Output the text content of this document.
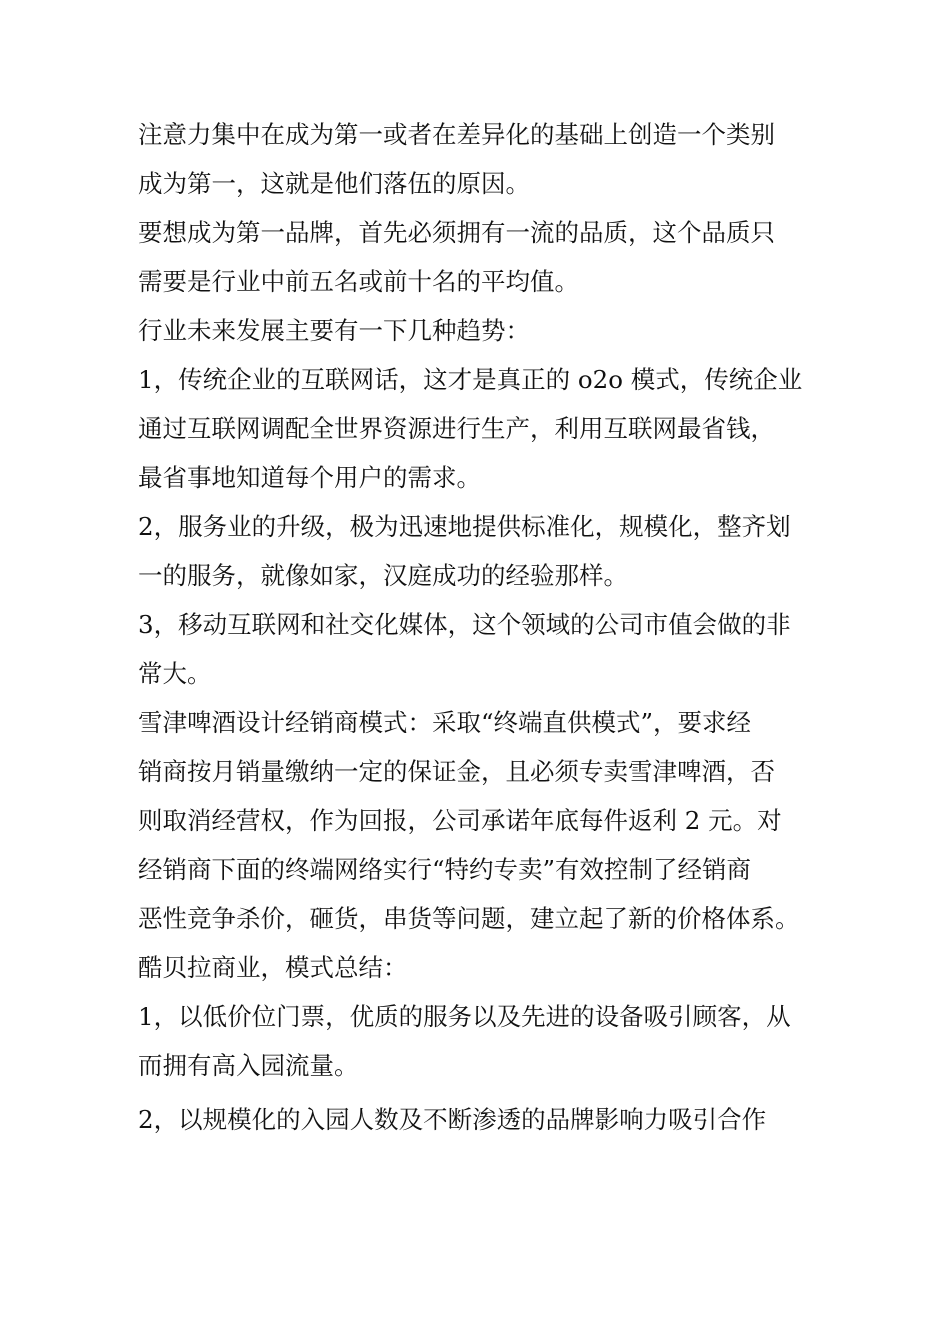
注意力集中在成为第一或者在差异化的基础上创造一个类别
成为第一，这就是他们落伍的原因。
要想成为第一品牌，首先必须拥有一流的品质，这个品质只
需要是行业中前五名或前十名的平均值。
行业未来发展主要有一下几种趋势：
1，传统企业的互联网话，这才是真正的 o2o 模式，传统企业
通过互联网调配全世界资源进行生产，利用互联网最省钱，
最省事地知道每个用户的需求。
2，服务业的升级，极为迅速地提供标准化，规模化，整齐划
一的服务，就像如家，汉庭成功的经验那样。
3，移动互联网和社交化媒体，这个领域的公司市值会做的非
常大。
雪津啤酒设计经销商模式：采取“终端直供模式”，要求经
销商按月销量缴纳一定的保证金，且必须专卖雪津啤酒，否
则取消经营权，作为回报，公司承诺年底每件返利 2 元。对
经销商下面的终端网络实行“特约专卖”有效控制了经销商
恶性竞争杀价，砸货，串货等问题，建立起了新的价格体系。
酷贝拉商业，模式总结：
1，以低价位门票，优质的服务以及先进的设备吸引顾客，从
而拥有高入园流量。
2，以规模化的入园人数及不断渗透的品牌影响力吸引合作
